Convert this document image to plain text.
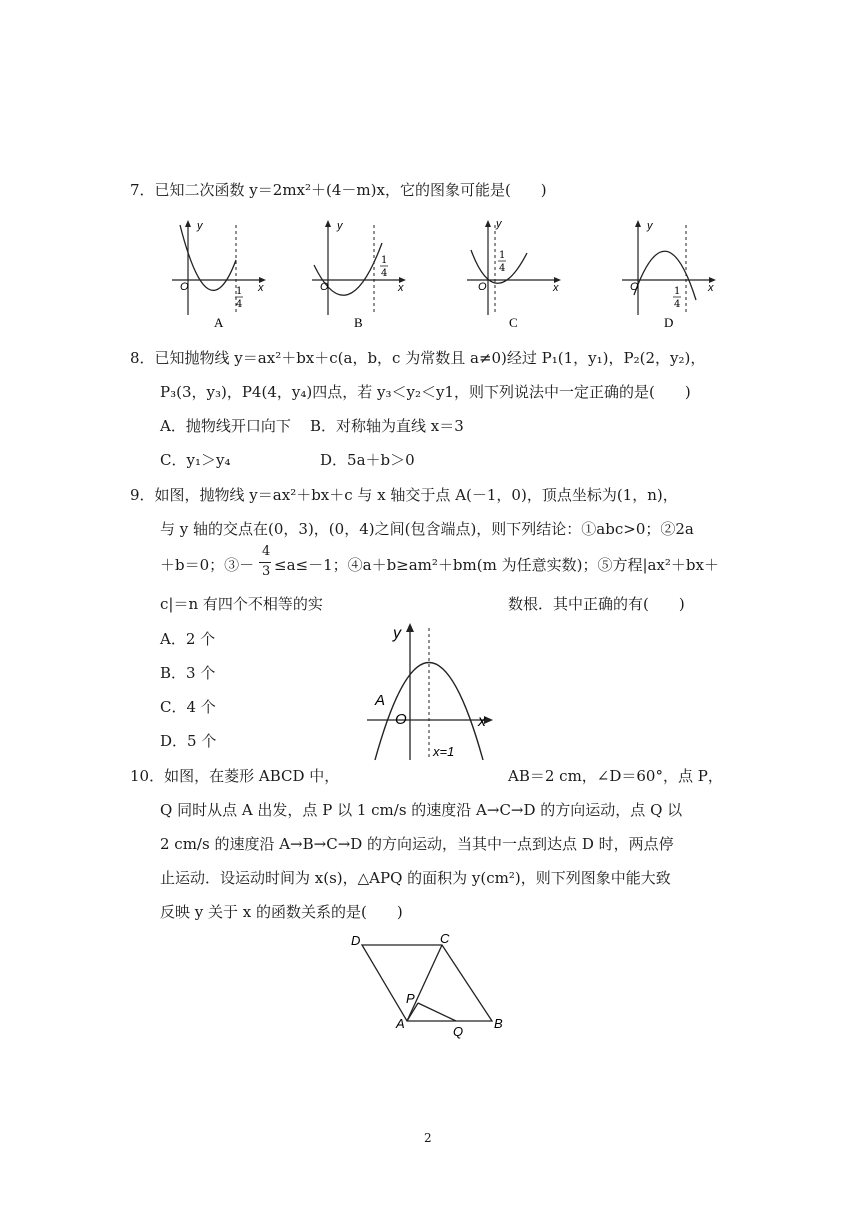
7．已知二次函数 y＝2mx²＋(4－m)x，它的图象可能是(　　)
y
x
O	1
4
A
y
x
O
1
4
B
y
x
O
1
4
C
y
x
O	1
4
D
8．已知抛物线 y＝ax²＋bx＋c(a，b，c 为常数且 a≠0)经过 P₁(1，y₁)，P₂(2，y₂)，
P₃(3，y₃)，P4(4，y₄)四点，若 y₃＜y₂＜y1，则下列说法中一定正确的是(　　)
A．抛物线开口向下 B．对称轴为直线 x＝3
C．y₁＞y₄	D．5a＋b＞0
9．如图，抛物线 y＝ax²＋bx＋c 与 x 轴交于点 A(－1，0)，顶点坐标为(1，n)，
与 y 轴的交点在(0，3)，(0，4)之间(包含端点)，则下列结论：①abc>0；②2a
＋b＝0；③－
4
3 ≤a≤－1；④a＋b≥am²＋bm(m 为任意实数)；⑤方程|ax²＋bx＋
c|＝n 有四个不相等的实	数根．其中正确的有(　　)
A．2 个
B．3 个
C．4 个
D．5 个
y
x
A
O
x=1
10．如图，在菱形 ABCD 中，	AB＝2 cm，∠D＝60°，点 P，
Q 同时从点 A 出发，点 P 以 1 cm/s 的速度沿 A→C→D 的方向运动，点 Q 以
2 cm/s 的速度沿 A→B→C→D 的方向运动，当其中一点到达点 D 时，两点停
止运动．设运动时间为 x(s)，△APQ 的面积为 y(cm²)，则下列图象中能大致
反映 y 关于 x 的函数关系的是(　　)
D	C
P
A
Q
B
2
